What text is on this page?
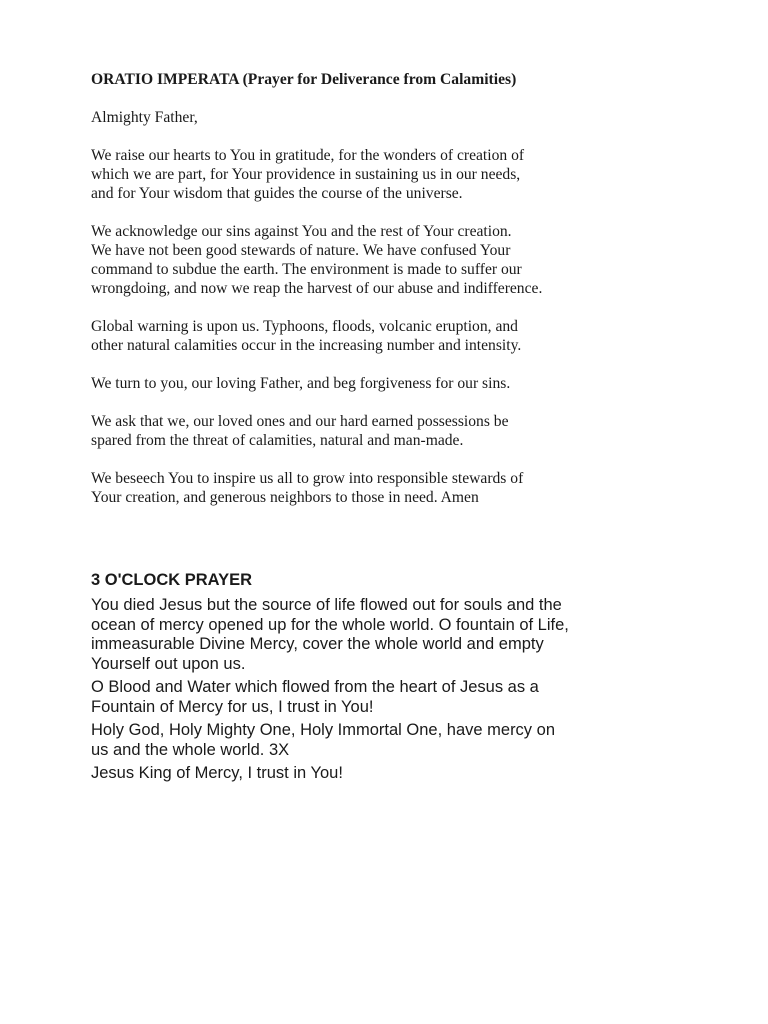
ORATIO IMPERATA (Prayer for Deliverance from Calamities)

Almighty Father,

We raise our hearts to You in gratitude, for the wonders of creation of
which we are part, for Your providence in sustaining us in our needs,
and for Your wisdom that guides the course of the universe.

We acknowledge our sins against You and the rest of Your creation.
We have not been good stewards of nature. We have confused Your
command to subdue the earth. The environment is made to suffer our
wrongdoing, and now we reap the harvest of our abuse and indifference.

Global warning is upon us. Typhoons, floods, volcanic eruption, and
other natural calamities occur in the increasing number and intensity.

We turn to you, our loving Father, and beg forgiveness for our sins.

We ask that we, our loved ones and our hard earned possessions be
spared from the threat of calamities, natural and man-made.

We beseech You to inspire us all to grow into responsible stewards of
Your creation, and generous neighbors to those in need. Amen

3 O'CLOCK PRAYER

You died Jesus but the source of life flowed out for souls and the
ocean of mercy opened up for the whole world. O fountain of Life,
immeasurable Divine Mercy, cover the whole world and empty
Yourself out upon us.

O Blood and Water which flowed from the heart of Jesus as a
Fountain of Mercy for us, I trust in You!

Holy God, Holy Mighty One, Holy Immortal One, have mercy on
us and the whole world. 3X

Jesus King of Mercy, I trust in You!
